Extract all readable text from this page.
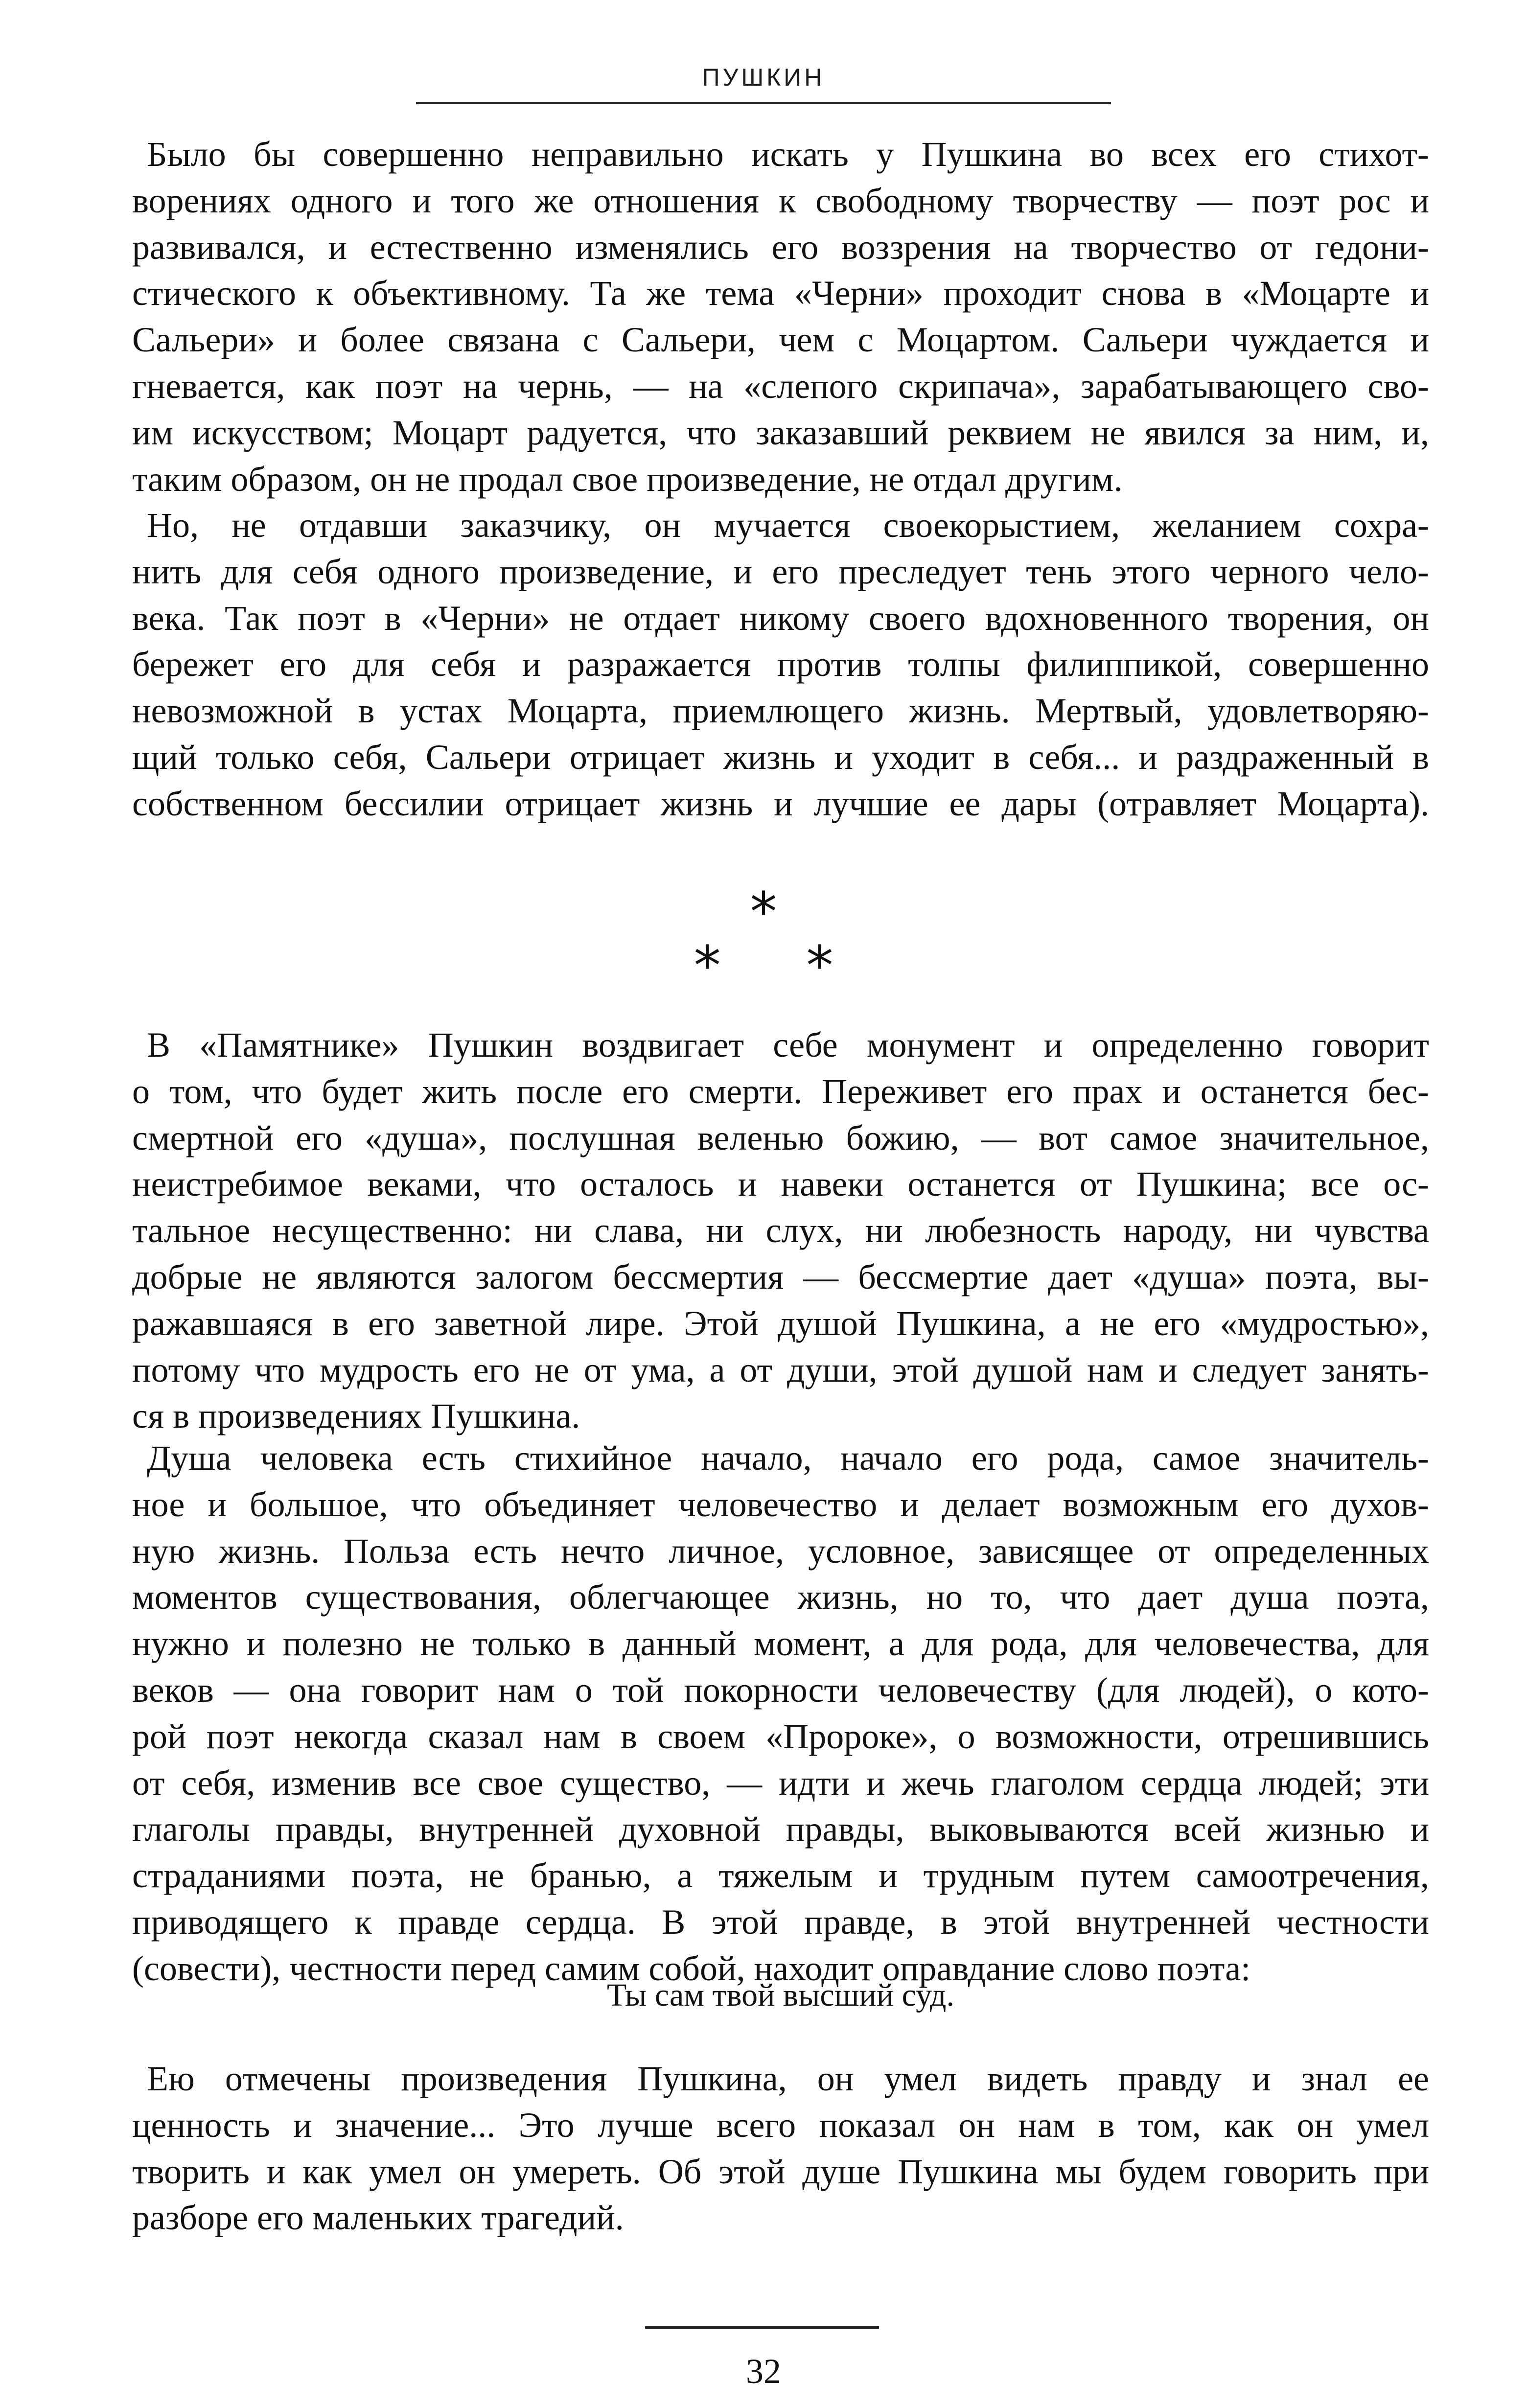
ПУШКИН
Было бы совершенно неправильно искать у Пушкина во всех его стихот-
ворениях одного и того же отношения к свободному творчеству — поэт рос и
развивался, и естественно изменялись его воззрения на творчество от гедони-
стического к объективному. Та же тема «Черни» проходит снова в «Моцарте и
Сальери» и более связана с Сальери, чем с Моцартом. Сальери чуждается и
гневается, как поэт на чернь, — на «слепого скрипача», зарабатывающего сво-
им искусством; Моцарт радуется, что заказавший реквием не явился за ним, и,
таким образом, он не продал свое произведение, не отдал другим.
Но, не отдавши заказчику, он мучается своекорыстием, желанием сохра-
нить для себя одного произведение, и его преследует тень этого черного чело-
века. Так поэт в «Черни» не отдает никому своего вдохновенного творения, он
бережет его для себя и разражается против толпы филиппикой, совершенно
невозможной в устах Моцарта, приемлющего жизнь. Мертвый, удовлетворяю-
щий только себя, Сальери отрицает жизнь и уходит в себя... и раздраженный в
собственном бессилии отрицает жизнь и лучшие ее дары (отравляет Моцарта).
*
*     *
В «Памятнике» Пушкин воздвигает себе монумент и определенно говорит
о том, что будет жить после его смерти. Переживет его прах и останется бес-
смертной его «душа», послушная веленью божию, — вот самое значительное,
неистребимое веками, что осталось и навеки останется от Пушкина; все ос-
тальное несущественно: ни слава, ни слух, ни любезность народу, ни чувства
добрые не являются залогом бессмертия — бессмертие дает «душа» поэта, вы-
ражавшаяся в его заветной лире. Этой душой Пушкина, а не его «мудростью»,
потому что мудрость его не от ума, а от души, этой душой нам и следует занять-
ся в произведениях Пушкина.
Душа человека есть стихийное начало, начало его рода, самое значитель-
ное и большое, что объединяет человечество и делает возможным его духов-
ную жизнь. Польза есть нечто личное, условное, зависящее от определенных
моментов существования, облегчающее жизнь, но то, что дает душа поэта,
нужно и полезно не только в данный момент, а для рода, для человечества, для
веков — она говорит нам о той покорности человечеству (для людей), о кото-
рой поэт некогда сказал нам в своем «Пророке», о возможности, отрешившись
от себя, изменив все свое существо, — идти и жечь глаголом сердца людей; эти
глаголы правды, внутренней духовной правды, выковываются всей жизнью и
страданиями поэта, не бранью, а тяжелым и трудным путем самоотречения,
приводящего к правде сердца. В этой правде, в этой внутренней честности
(совести), честности перед самим собой, находит оправдание слово поэта:
Ты сам твой высший суд.
Ею отмечены произведения Пушкина, он умел видеть правду и знал ее
ценность и значение... Это лучше всего показал он нам в том, как он умел
творить и как умел он умереть. Об этой душе Пушкина мы будем говорить при
разборе его маленьких трагедий.
32
